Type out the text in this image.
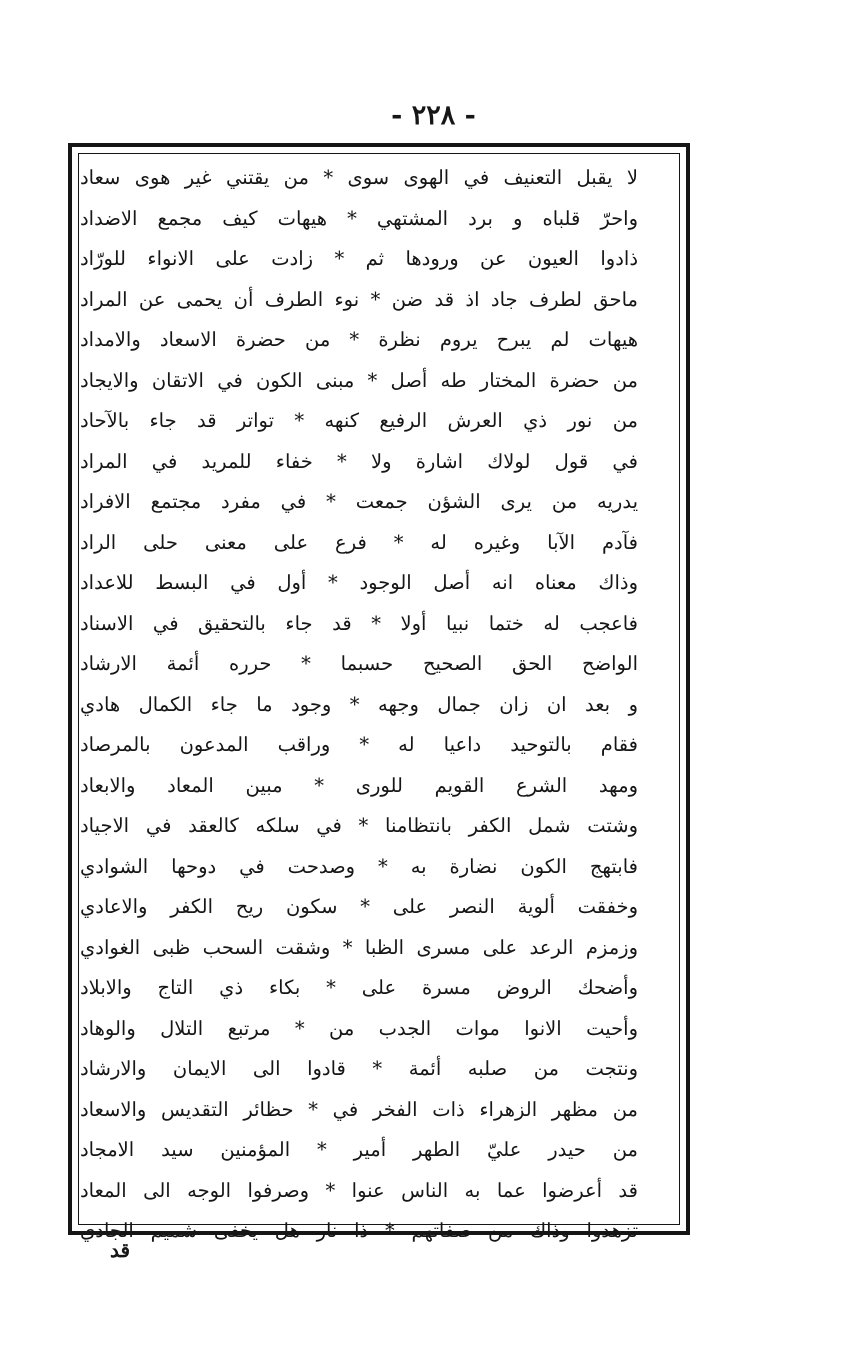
- ٢٢٨ -
لا يقبل التعنيف في الهوى سوى * من يقتني غير هوى سعاد
واحرّ قلباه و برد المشتهي * هيهات كيف مجمع الاضداد
ذادوا العيون عن ورودها ثم * زادت على الانواء للورّاد
ماحق لطرف جاد اذ قد ضن * نوء الطرف أن يحمى عن المراد
هيهات لم يبرح يروم نظرة * من حضرة الاسعاد والامداد
من حضرة المختار طه أصل * مبنى الكون في الاتقان والايجاد
من نور ذي العرش الرفيع كنهه * تواتر قد جاء بالآحاد
في قول لولاك اشارة ولا * خفاء للمريد في المراد
يدريه من يرى الشؤن جمعت * في مفرد مجتمع الافراد
فآدم الآبا وغيره له * فرع على معنى حلى الراد
وذاك معناه انه أصل الوجود * أول في البسط للاعداد
فاعجب له ختما نبيا أولا * قد جاء بالتحقيق في الاسناد
الواضح الحق الصحيح حسبما * حرره أئمة الارشاد
و بعد ان زان جمال وجهه * وجود ما جاء الكمال هادي
فقام بالتوحيد داعيا له * وراقب المدعون بالمرصاد
ومهد الشرع القويم للورى * مبين المعاد والابعاد
وشتت شمل الكفر بانتظامنا * في سلكه كالعقد في الاجياد
فابتهج الكون نضارة به * وصدحت في دوحها الشوادي
وخفقت ألوية النصر على * سكون ريح الكفر والاعادي
وزمزم الرعد على مسرى الظبا * وشقت السحب ظبى الغوادي
وأضحك الروض مسرة على * بكاء ذي التاج والابلاد
وأحيت الانوا موات الجدب من * مرتبع التلال والوهاد
ونتجت من صلبه أئمة * قادوا الى الايمان والارشاد
من مظهر الزهراء ذات الفخر في * حظائر التقديس والاسعاد
من حيدر عليّ الطهر أمير * المؤمنين سيد الامجاد
قد أعرضوا عما به الناس عنوا * وصرفوا الوجه الى المعاد
تزهدوا وذاك من صفاتهم * ذا نار هل يخفى شميم الجادي
قد
